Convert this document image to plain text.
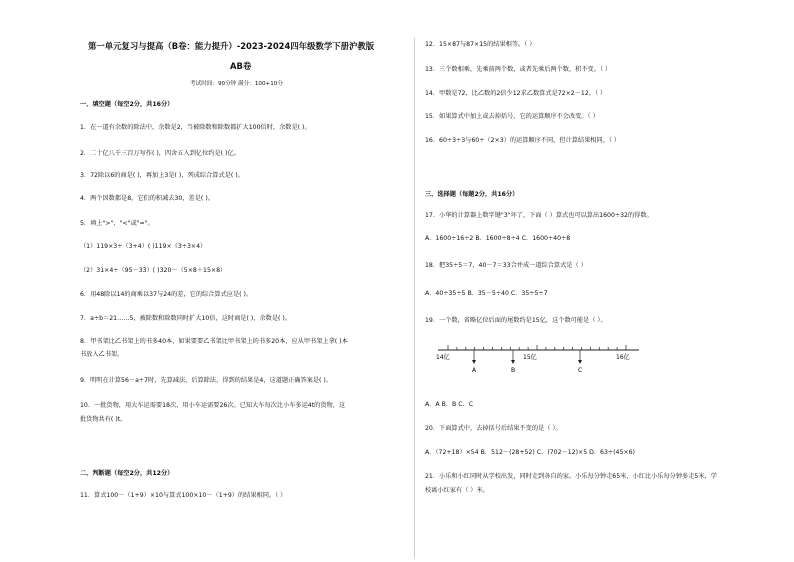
第一单元复习与提高（B卷：能力提升）-2023-2024四年级数学下册沪教版
AB卷
考试时间：90分钟 满分：100+10分
一、填空题（每空2分，共16分）
1．在一道有余数的除法中，余数是2，当被除数和除数都扩大100倍时，余数是( )。
2．二十亿八千三百万写作( )，四舍五入到亿位约是( )亿。
3．72除以6的商是( )，再加上3是( )，列成综合算式是( )。
4．两个因数都是8，它们的积减去30，差是( )。
5．填上">"、"<"或"="。
（1）119×3÷（3+4）( )119×（3÷3×4）
（2）31×4÷（95－33）( )320－（5×8＋15×8）
6．用48除以14的商乘以37与24的差，它的综合算式应是( )。
7．a÷b＝21……5，被除数和除数同时扩大10倍，这时商是( )，余数是( )。
8．甲书架比乙书架上的书多40本，如果要要乙书架比甲书架上的书多20本，应从甲书架上拿( )本
书放入乙书架。
9．明明在计算56－a÷7时，先算减法，后算除法，得到的结果是4，这道题正确答案是( )。
10．一批货物，用大车运需要18次，用小车运需要26次。已知大车每次比小车多运4t的货物，这
批货物共有( )t。
二、判断题（每空2分，共12分）
11．算式100－（1+9）×10与算式100×10－（1+9）的结果相同。（ ）
12．15×87与87×15的结果相等。（ ）
13．三个数相乘，先乘前两个数，或者先乘后两个数，积不变。（ ）
14．甲数是72，比乙数的2倍少12求乙数算式是72×2－12。（ ）
15．如果算式中加上或去掉括号，它的运算顺序不会改变。（ ）
16．60÷3÷3与60÷（2×3）的运算顺序不同，但计算结果相同。（ ）
三、选择题（每题2分，共16分）
17．小华的计算器上数字键"3"坏了，下面（ ）算式也可以算出1600÷32的得数。
A．1600÷16÷2 B．1600÷8÷4 C．1600÷40÷8
18．把35÷5＝7，40－7＝33合并成一道综合算式是（ ）
A．40÷35÷5 B．35－5÷40 C．35÷5÷7
19．一个数，省略亿位后面的尾数约是15亿，这个数可能是（ ）。
14亿	15亿	16亿
A	B	C
A．A B．B C．C
20．下面算式中，去掉括号后结果不变的是（ ）。
A．（72+18）×54 B．512－(28+52) C．(702－12)×5 D．63÷(45×6)
21．小乐和小红同时从学校出发，同时走到各自的家。小乐每分钟走65米，小红比小乐每分钟多走5米，学
校离小红家有（ ）米。
